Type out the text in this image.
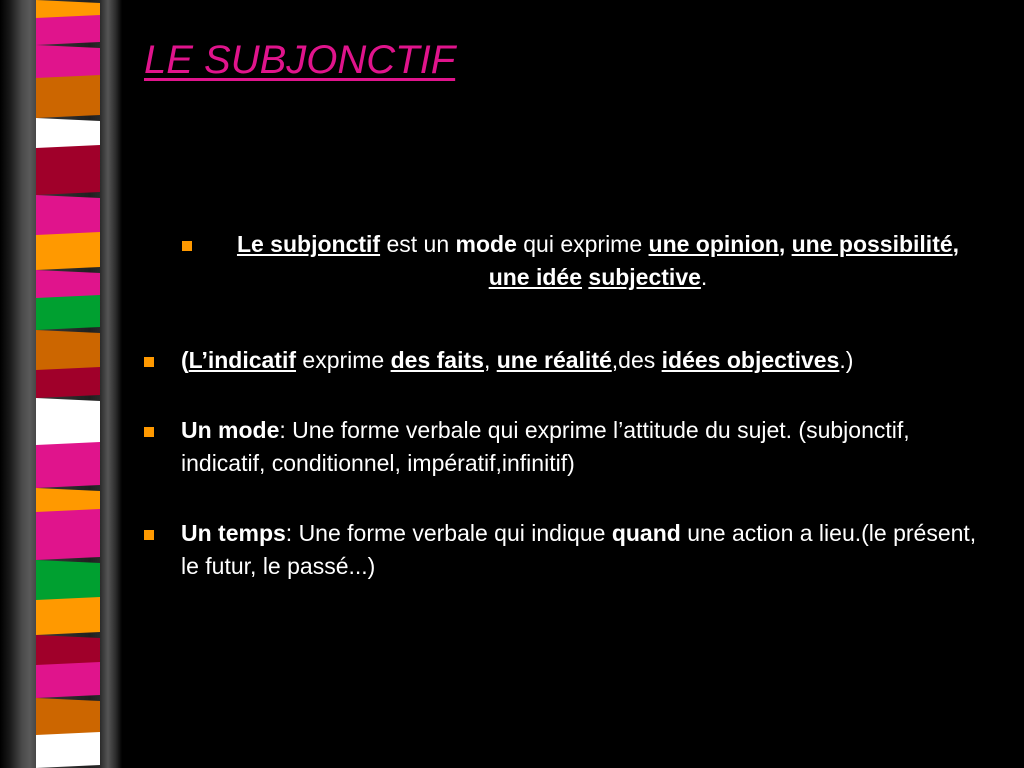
LE SUBJONCTIF
Le subjonctif est un mode qui exprime une opinion, une possibilité, une idée subjective.
(L’indicatif exprime des faits, une réalité,des idées objectives.)
Un mode: Une forme verbale qui exprime l’attitude du sujet. (subjonctif, indicatif, conditionnel, impératif,infinitif)
Un temps: Une forme verbale qui indique quand une action a lieu.(le présent, le futur, le passé...)
